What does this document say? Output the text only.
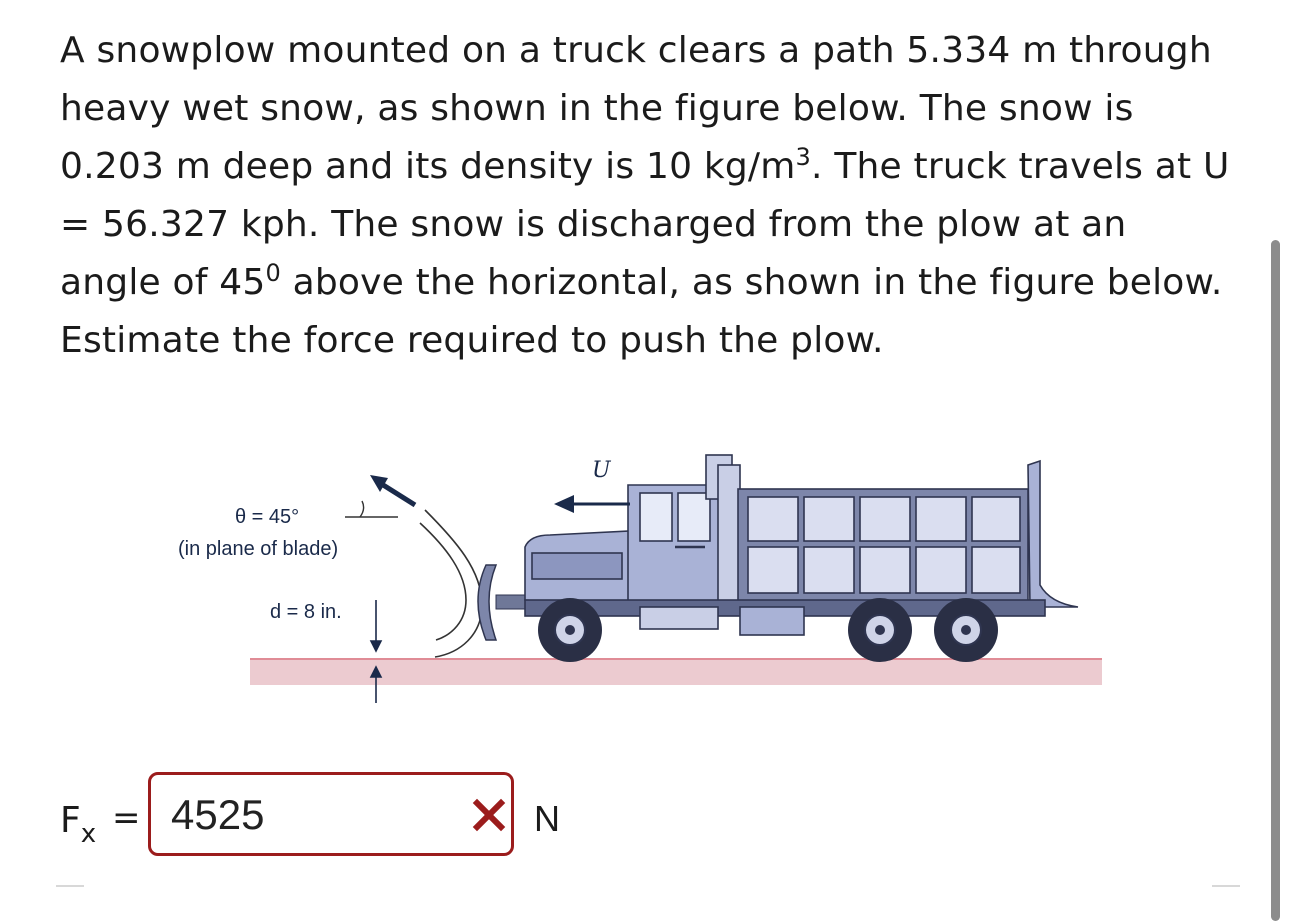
A snowplow mounted on a truck clears a path 5.334 m through heavy wet snow, as shown in the figure below. The snow is 0.203 m deep and its density is 10 $kg/m^3$. The truck travels at U = 56.327 kph. The snow is discharged from the plow at an angle of $45^0$ above the horizontal, as shown in the figure below. Estimate the force required to push the plow.
θ = 45°
(in plane of blade)
d = 8 in.
U
$F_x = 4525$	N
